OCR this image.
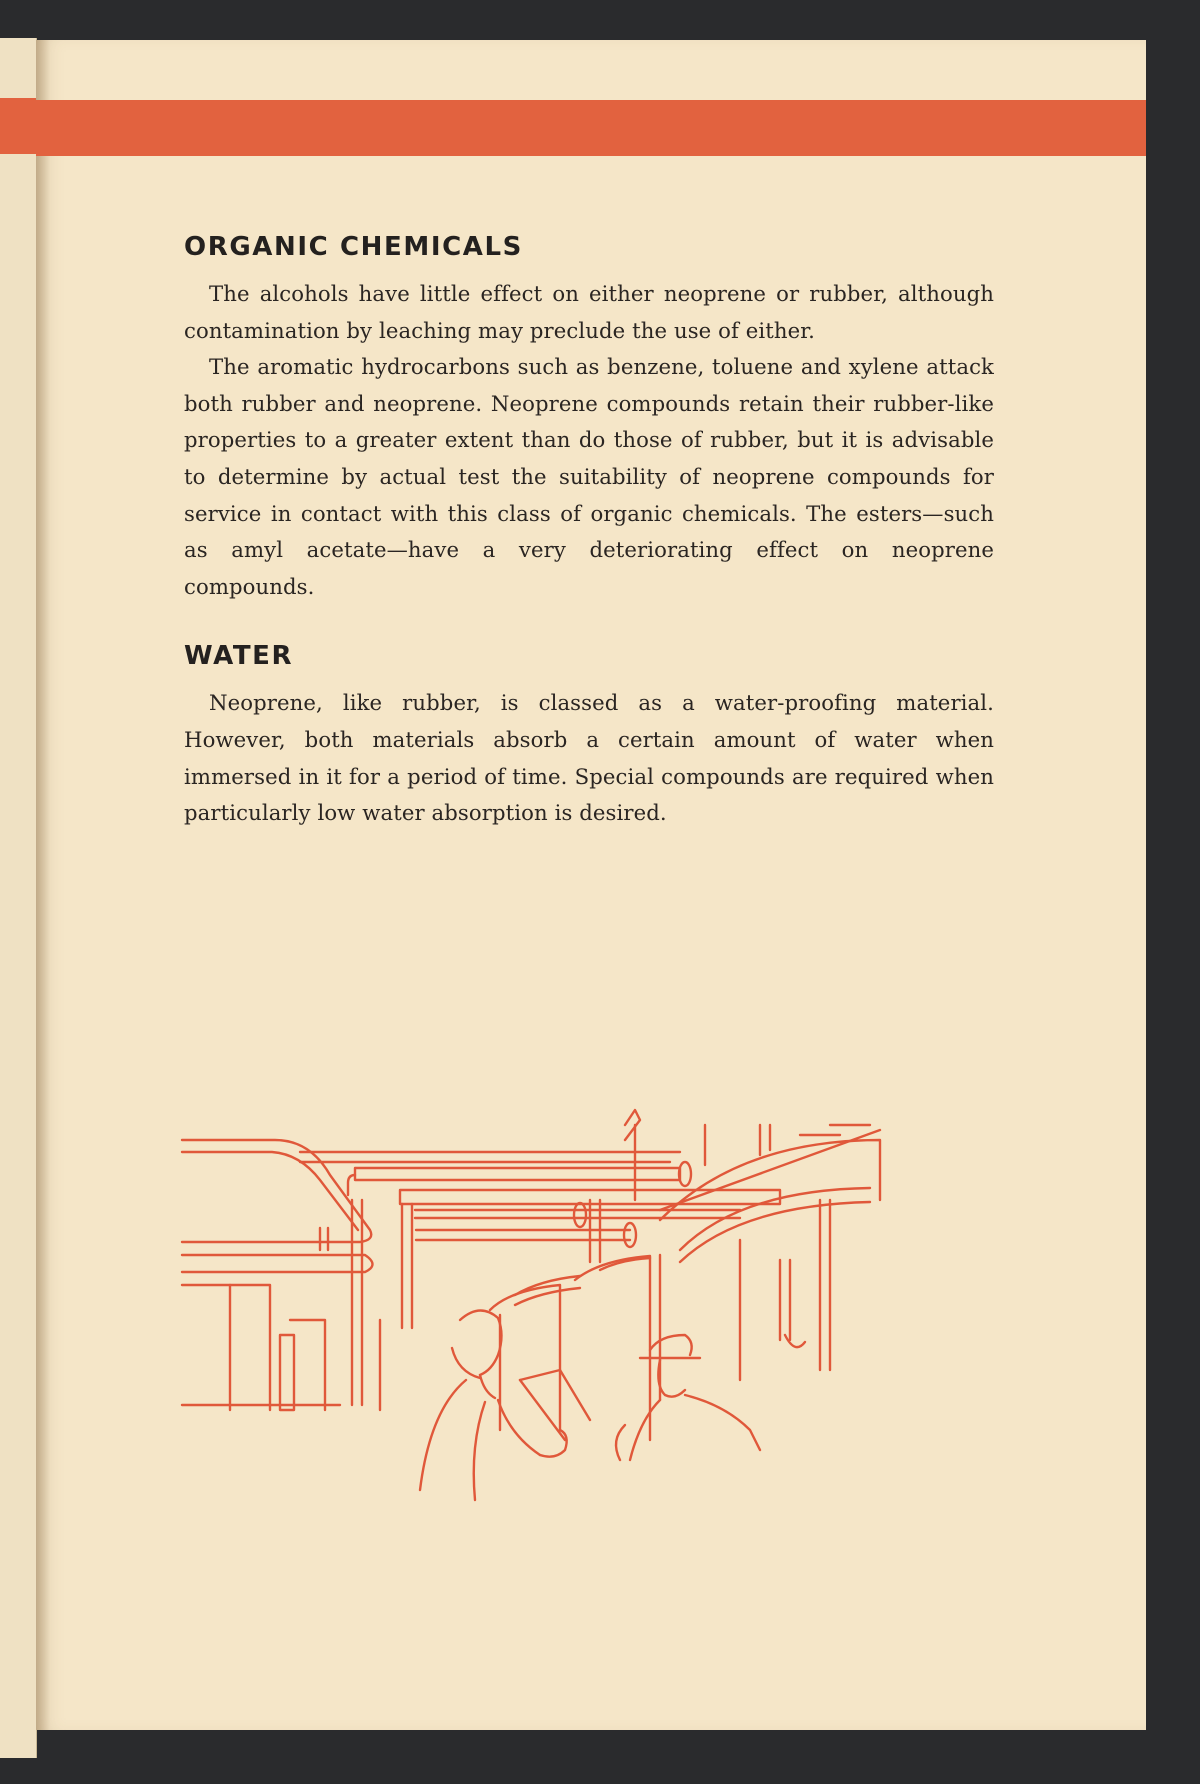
ORGANIC CHEMICALS

The alcohols have little effect on either neoprene or rubber, although contamination by leaching may preclude the use of either.

The aromatic hydrocarbons such as benzene, toluene and xylene attack both rubber and neoprene. Neoprene compounds retain their rubber-like properties to a greater extent than do those of rubber, but it is advisable to determine by actual test the suitability of neoprene compounds for service in contact with this class of organic chemicals. The esters—such as amyl acetate—have a very deteriorating effect on neoprene compounds.

WATER

Neoprene, like rubber, is classed as a water-proofing material. However, both materials absorb a certain amount of water when immersed in it for a period of time. Special compounds are required when particularly low water absorption is desired.
